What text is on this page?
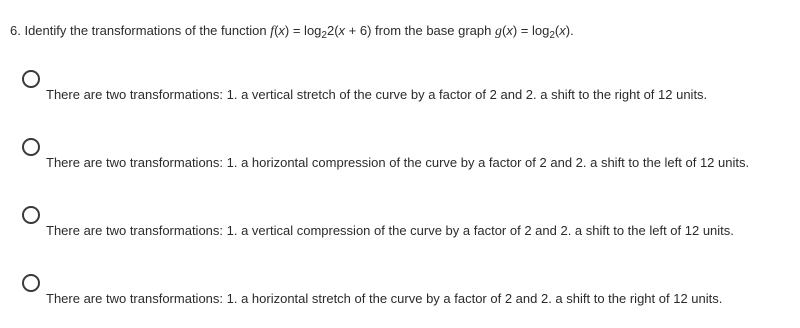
6. Identify the transformations of the function $f(x) = \log_22(x + 6)$ from the base graph $g(x) = \log_2(x)$.
There are two transformations: 1. a vertical stretch of the curve by a factor of 2 and 2. a shift to the right of 12 units.
There are two transformations: 1. a horizontal compression of the curve by a factor of 2 and 2. a shift to the left of 12 units.
There are two transformations: 1. a vertical compression of the curve by a factor of 2 and 2. a shift to the left of 12 units.
There are two transformations: 1. a horizontal stretch of the curve by a factor of 2 and 2. a shift to the right of 12 units.
